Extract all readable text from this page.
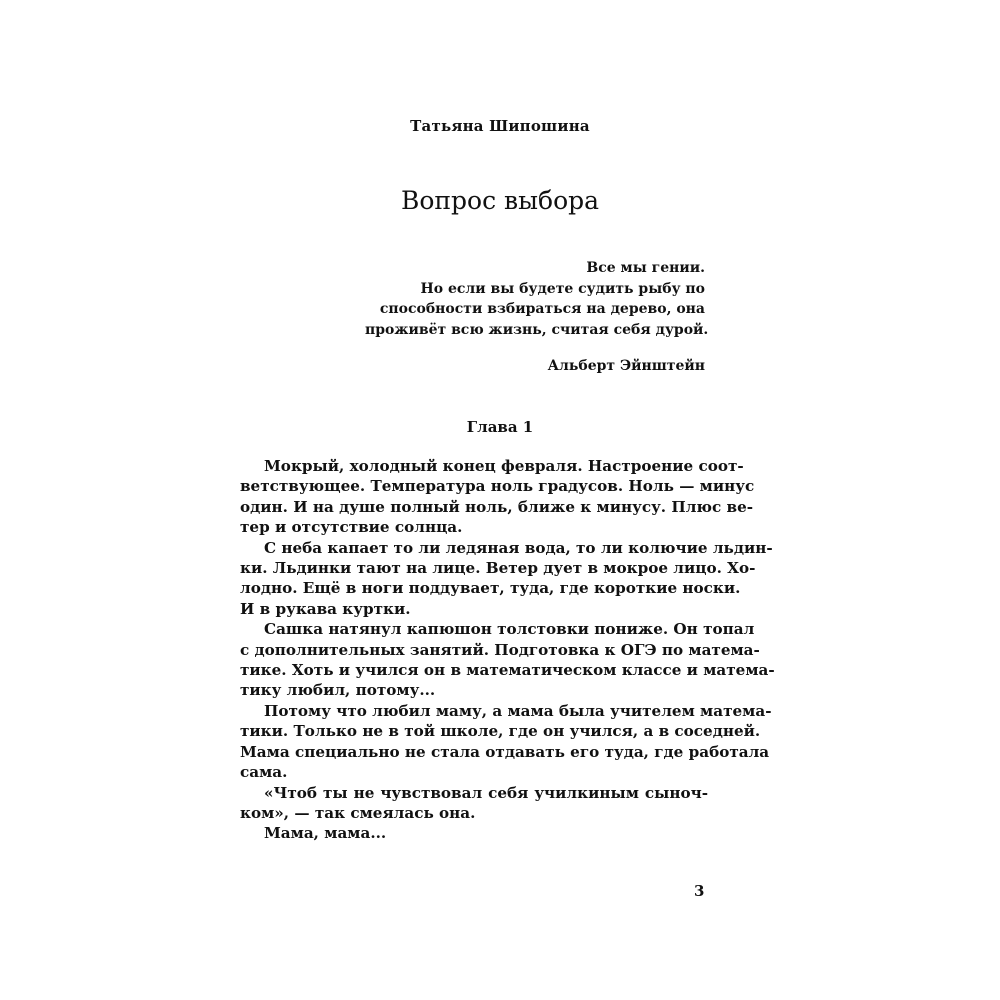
Татьяна Шипошина
Вопрос выбора
Все мы гении.
Но если вы будете судить рыбу по
способности взбираться на дерево, она
проживёт всю жизнь, считая себя дурой.
Альберт Эйнштейн
Глава 1
Мокрый, холодный конец февраля. Настроение соот-
ветствующее. Температура ноль градусов. Ноль — минус
один. И на душе полный ноль, ближе к минусу. Плюс ве-
тер и отсутствие солнца.
С неба капает то ли ледяная вода, то ли колючие льдин-
ки. Льдинки тают на лице. Ветер дует в мокрое лицо. Хо-
лодно. Ещё в ноги поддувает, туда, где короткие носки.
И в рукава куртки.
Сашка натянул капюшон толстовки пониже. Он топал
с дополнительных занятий. Подготовка к ОГЭ по матема-
тике. Хоть и учился он в математическом классе и матема-
тику любил, потому...
Потому что любил маму, а мама была учителем матема-
тики. Только не в той школе, где он учился, а в соседней.
Мама специально не стала отдавать его туда, где работала
сама.
«Чтоб ты не чувствовал себя училкиным сыноч-
ком», — так смеялась она.
Мама, мама...
3
